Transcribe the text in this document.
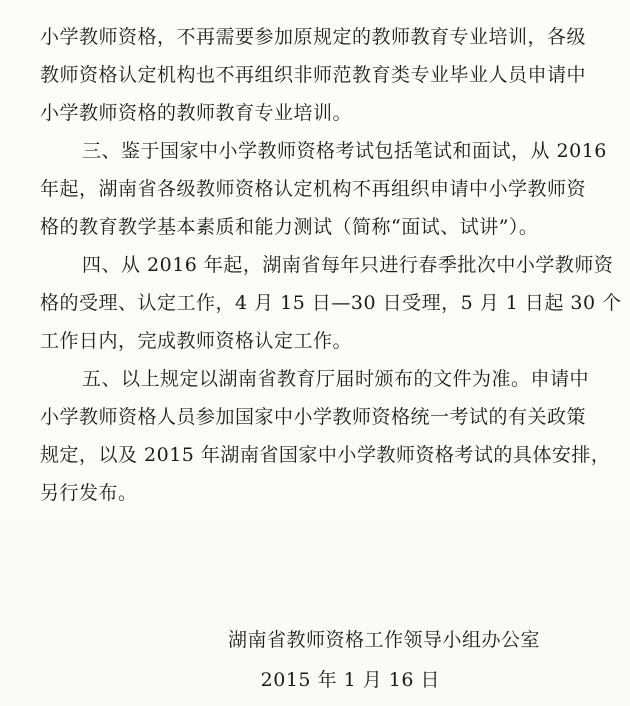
小学教师资格，不再需要参加原规定的教师教育专业培训，各级
教师资格认定机构也不再组织非师范教育类专业毕业人员申请中
小学教师资格的教师教育专业培训。
三、鉴于国家中小学教师资格考试包括笔试和面试，从 2016
年起，湖南省各级教师资格认定机构不再组织申请中小学教师资
格的教育教学基本素质和能力测试（简称“面试、试讲”）。
四、从 2016 年起，湖南省每年只进行春季批次中小学教师资
格的受理、认定工作，4 月 15 日—30 日受理，5 月 1 日起 30 个
工作日内，完成教师资格认定工作。
五、以上规定以湖南省教育厅届时颁布的文件为准。申请中
小学教师资格人员参加国家中小学教师资格统一考试的有关政策
规定，以及 2015 年湖南省国家中小学教师资格考试的具体安排，
另行发布。
湖南省教师资格工作领导小组办公室
2015 年 1 月 16 日
